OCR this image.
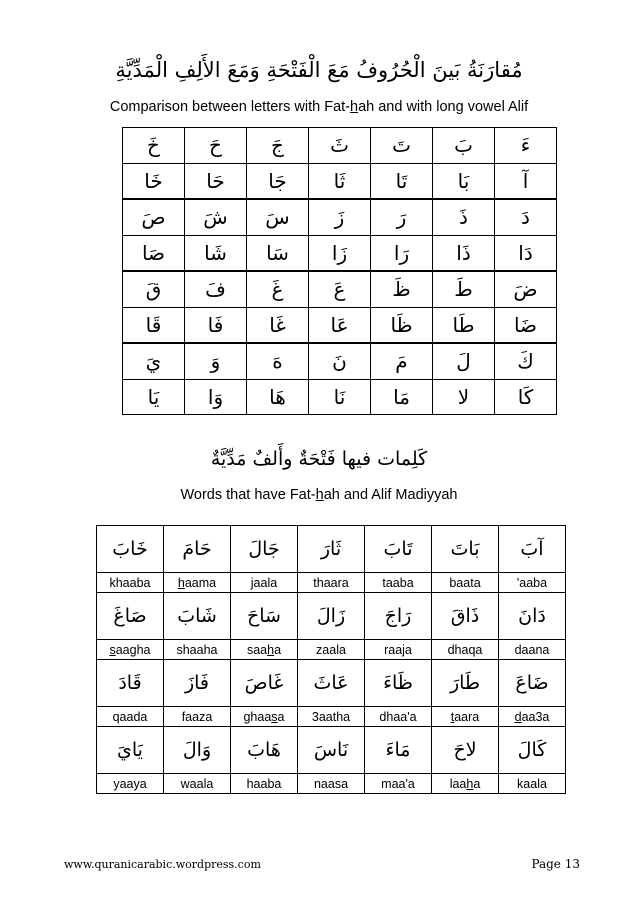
مُقارَنَةُ بَينَ الْحُرُوفُ مَعَ الْفَتْحَةِ وَمَعَ الأَلِفِ الْمَدِّيَّةِ
Comparison between letters with Fat-hah and with long vowel Alif
خَ	حَ	جَ	ثَ	تَ	بَ	ءَ
خَا	حَا	جَا	ثَا	تَا	بَا	آ
صَ	شَ	سَ	زَ	رَ	ذَ	دَ
صَا	شَا	سَا	زَا	رَا	ذَا	دَا
قَ	فَ	غَ	عَ	ظَ	طَ	ضَ
قَا	فَا	غَا	عَا	ظَا	طَا	ضَا
يَ	وَ	هَ	نَ	مَ	لَ	كَ
يَا	وَا	هَا	نَا	مَا	لا	كَا
كَلِمات فيها فَتْحَةٌ وأَلفٌ مَدِّيَّةٌ
Words that have Fat-hah and Alif Madiyyah
خَابَ	حَامَ	جَالَ	ثَارَ	تَابَ	بَاتَ	آبَ
khaaba	haama	jaala	thaara	taaba	baata	'aaba
صَاغَ	شَابَ	سَاحَ	زَالَ	رَاجَ	ذَاقَ	دَانَ
saagha	shaaha	saaha	zaala	raaja	dhaqa	daana
قَادَ	فَازَ	غَاصَ	عَاثَ	ظَاءَ	طَارَ	ضَاعَ
qaada	faaza	ghaasa	3aatha	dhaa'a	taara	daa3a
يَايَ	وَالَ	هَابَ	نَاسَ	مَاءَ	لاحَ	كَالَ
yaaya	waala	haaba	naasa	maa'a	laaha	kaala
www.quranicarabic.wordpress.com	Page 13
